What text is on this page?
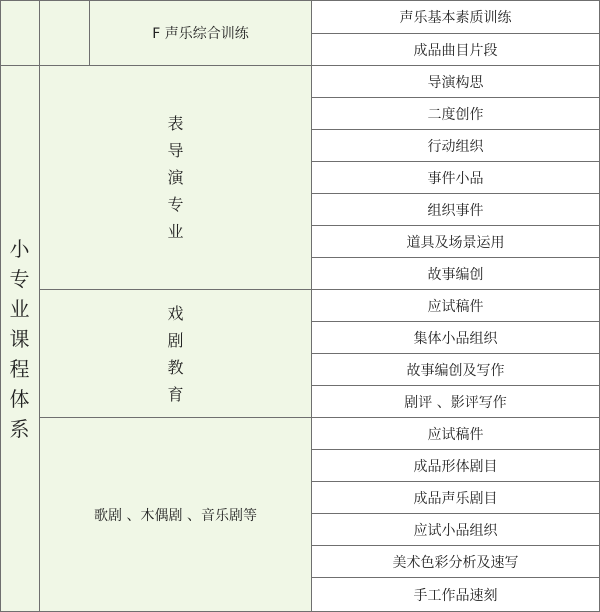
F 声乐综合训练
声乐基本素质训练
成品曲目片段
小
专
业
课
程
体
系
表
导
演
专
业
导演构思
二度创作
行动组织
事件小品
组织事件
道具及场景运用
故事编创
戏
剧
教
育
应试稿件
集体小品组织
故事编创及写作
剧评 、影评写作
歌剧 、木偶剧 、音乐剧等
应试稿件
成品形体剧目
成品声乐剧目
应试小品组织
美术色彩分析及速写
手工作品速刻
